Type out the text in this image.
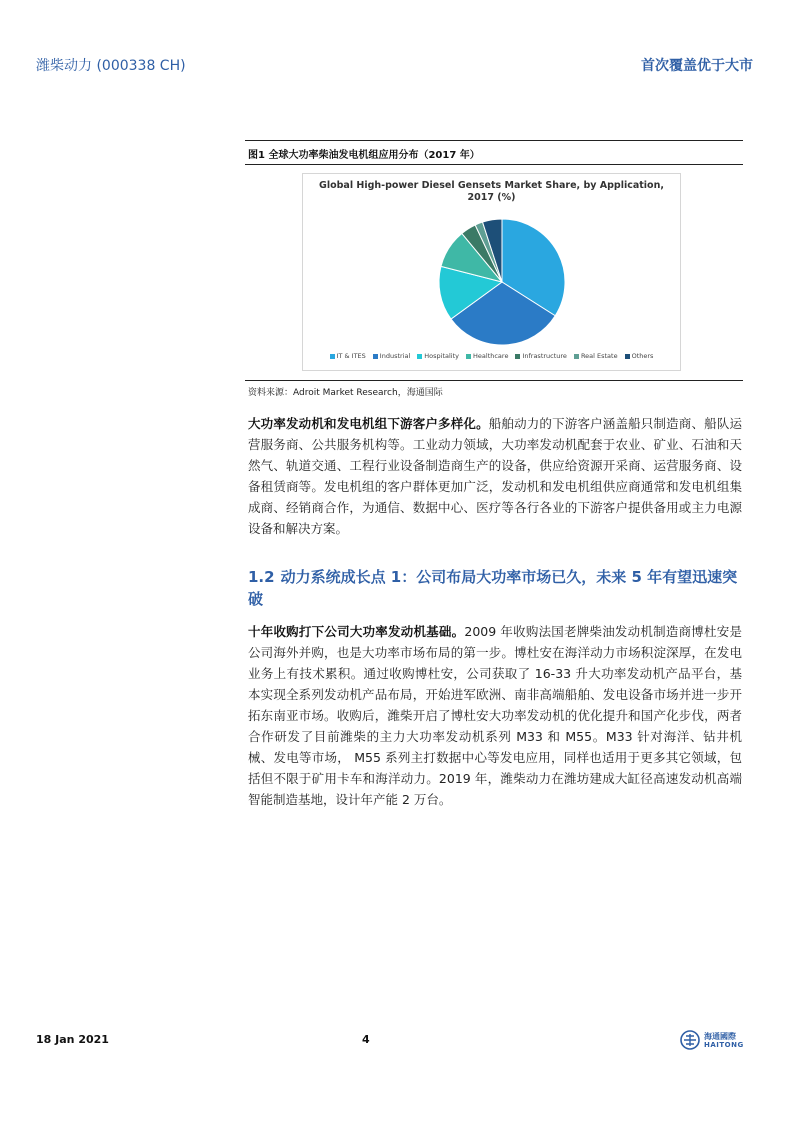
潍柴动力 (000338 CH)	首次覆盖优于大市
图1 全球大功率柴油发电机组应用分布（2017 年）
Global High-power Diesel Gensets Market Share, by Application,
2017 (%)
IT & ITES Industrial Hospitality Healthcare Infrastructure Real Estate Others
资料来源：Adroit Market Research，海通国际
大功率发动机和发电机组下游客户多样化。船舶动力的下游客户涵盖船只制造商、船队运营服务商、公共服务机构等。工业动力领域，大功率发动机配套于农业、矿业、石油和天然气、轨道交通、工程行业设备制造商生产的设备，供应给资源开采商、运营服务商、设备租赁商等。发电机组的客户群体更加广泛，发动机和发电机组供应商通常和发电机组集成商、经销商合作，为通信、数据中心、医疗等各行各业的下游客户提供备用或主力电源设备和解决方案。
1.2 动力系统成长点 1：公司布局大功率市场已久，未来 5 年有望迅速突破
十年收购打下公司大功率发动机基础。2009 年收购法国老牌柴油发动机制造商博杜安是公司海外并购，也是大功率市场布局的第一步。博杜安在海洋动力市场积淀深厚，在发电业务上有技术累积。通过收购博杜安，公司获取了 16-33 升大功率发动机产品平台，基本实现全系列发动机产品布局，开始进军欧洲、南非高端船舶、发电设备市场并进一步开拓东南亚市场。收购后，潍柴开启了博杜安大功率发动机的优化提升和国产化步伐，两者合作研发了目前潍柴的主力大功率发动机系列 M33 和 M55。M33 针对海洋、钻井机械、发电等市场， M55 系列主打数据中心等发电应用，同样也适用于更多其它领域，包括但不限于矿用卡车和海洋动力。2019 年，潍柴动力在潍坊建成大缸径高速发动机高端智能制造基地，设计年产能 2 万台。
18 Jan 2021	4	海通國際
HAITONG
